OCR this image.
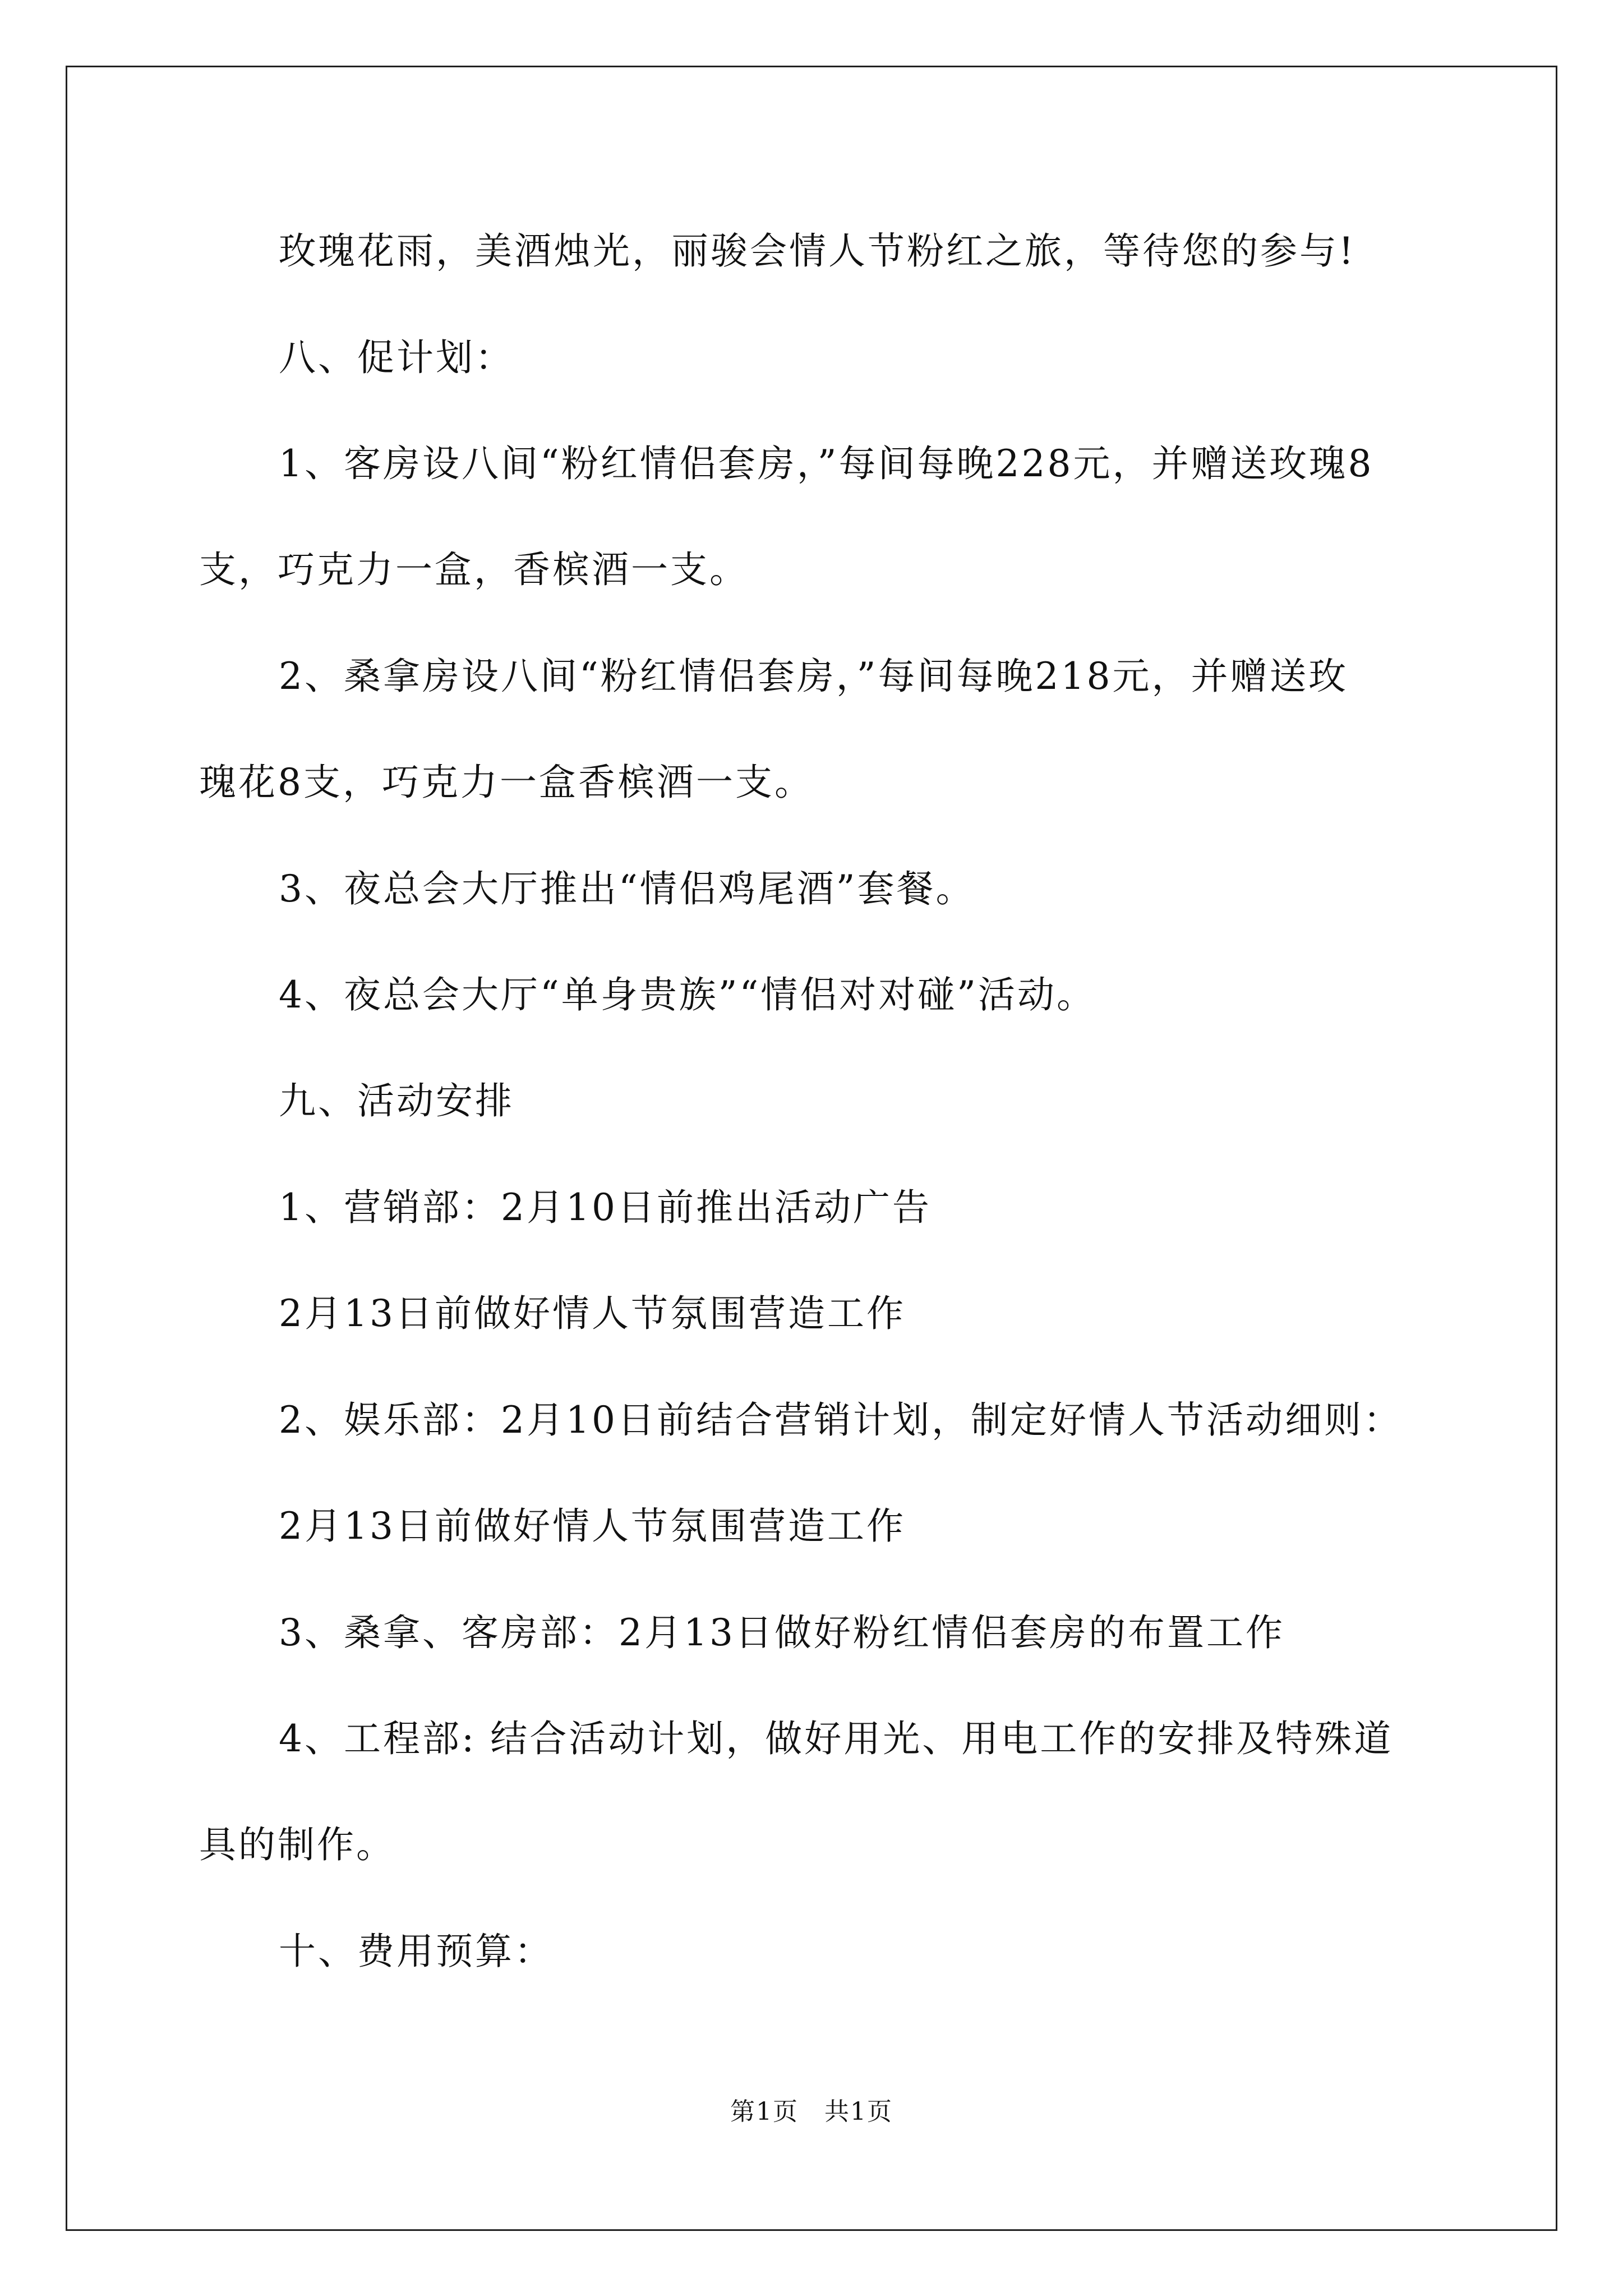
玫瑰花雨，美酒烛光，丽骏会情人节粉红之旅，等待您的参与!
八、促计划：
1、客房设八间“粉红情侣套房，”每间每晚228元，并赠送玫瑰8
支，巧克力一盒，香槟酒一支。
2、桑拿房设八间“粉红情侣套房，”每间每晚218元，并赠送玫
瑰花8支，巧克力一盒香槟酒一支。
3、夜总会大厅推出“情侣鸡尾酒”套餐。
4、夜总会大厅“单身贵族”“情侣对对碰”活动。
九、活动安排
1、营销部：2月10日前推出活动广告
2月13日前做好情人节氛围营造工作
2、娱乐部：2月10日前结合营销计划，制定好情人节活动细则：
2月13日前做好情人节氛围营造工作
3、桑拿、客房部：2月13日做好粉红情侣套房的布置工作
4、工程部: 结合活动计划，做好用光、用电工作的安排及特殊道
具的制作。
十、费用预算：
第1页　共1页
